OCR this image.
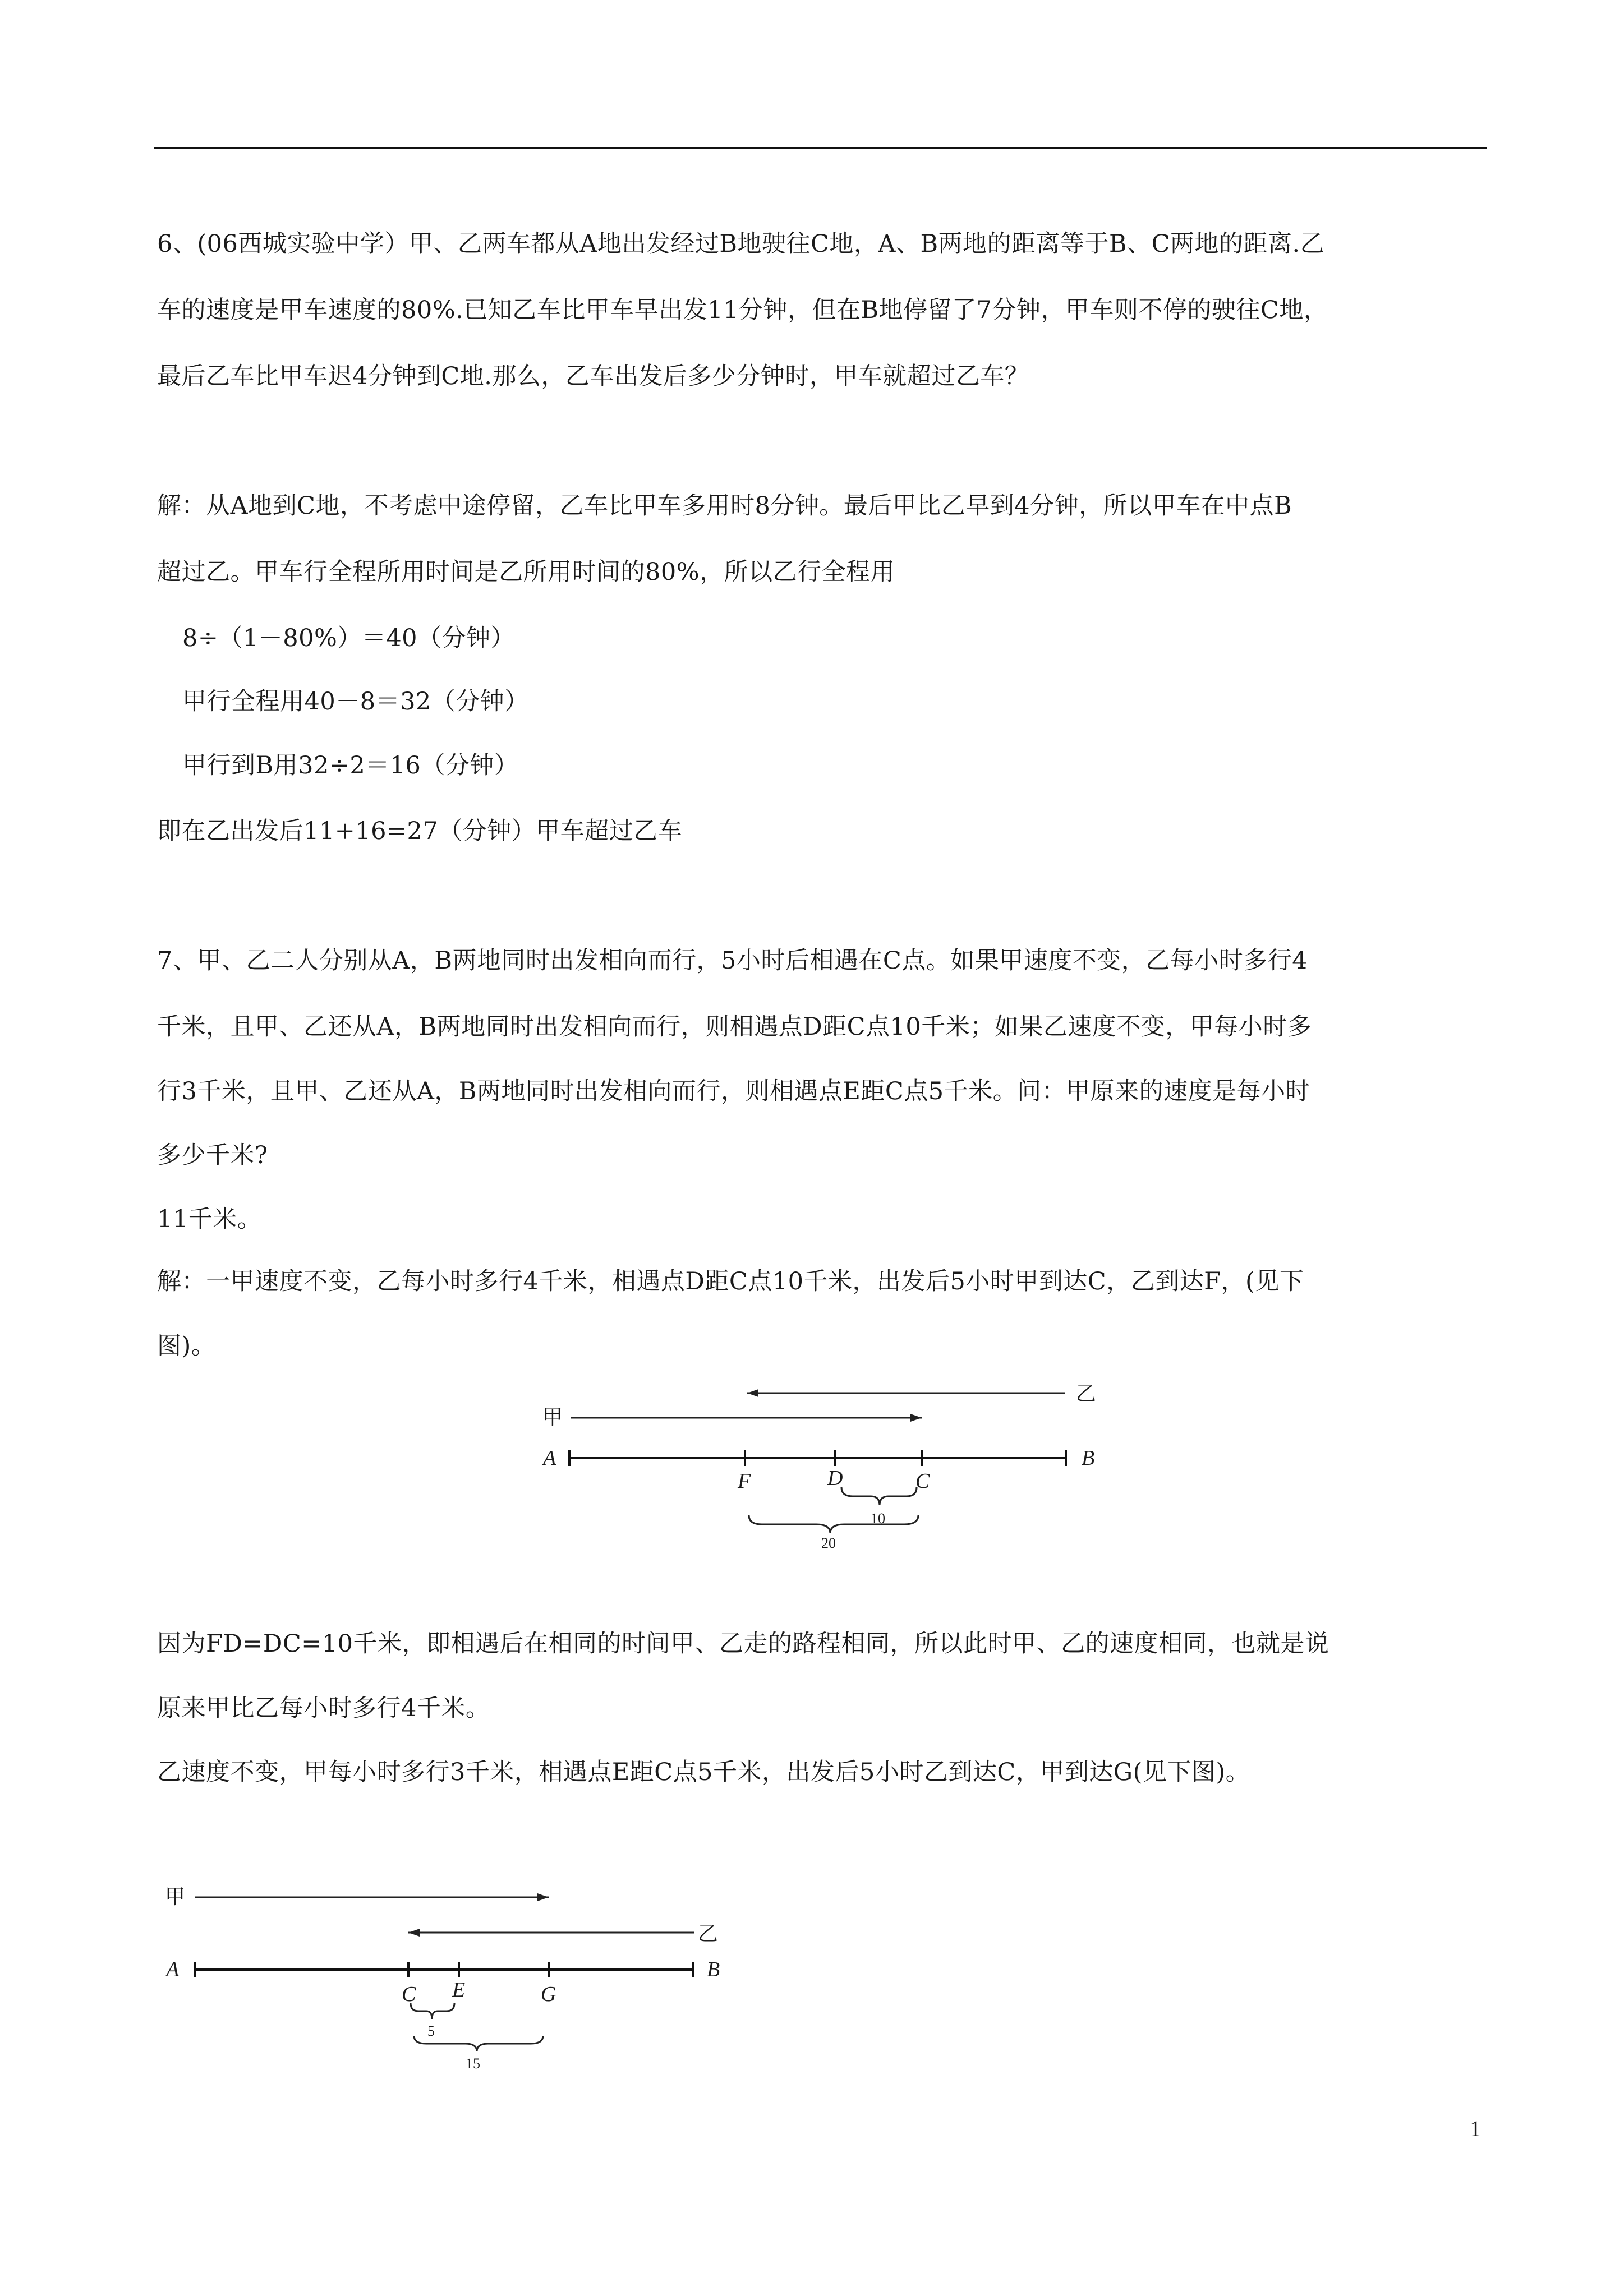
6、(06西城实验中学）甲、乙两车都从A地出发经过B地驶往C地，A、B两地的距离等于B、C两地的距离.乙
车的速度是甲车速度的80%.已知乙车比甲车早出发11分钟，但在B地停留了7分钟，甲车则不停的驶往C地，
最后乙车比甲车迟4分钟到C地.那么，乙车出发后多少分钟时，甲车就超过乙车？
解：从A地到C地，不考虑中途停留，乙车比甲车多用时8分钟。最后甲比乙早到4分钟，所以甲车在中点B
超过乙。甲车行全程所用时间是乙所用时间的80%，所以乙行全程用
8÷（1－80%）＝40（分钟）
甲行全程用40－8＝32（分钟）
甲行到B用32÷2＝16（分钟）
即在乙出发后11+16=27（分钟）甲车超过乙车
7、甲、乙二人分别从A，B两地同时出发相向而行，5小时后相遇在C点。如果甲速度不变，乙每小时多行4
千米，且甲、乙还从A，B两地同时出发相向而行，则相遇点D距C点10千米；如果乙速度不变，甲每小时多
行3千米，且甲、乙还从A，B两地同时出发相向而行，则相遇点E距C点5千米。问：甲原来的速度是每小时
多少千米?
11千米。
解：一甲速度不变，乙每小时多行4千米，相遇点D距C点10千米，出发后5小时甲到达C，乙到达F，(见下
图)。
乙
甲
A
F	D	C
B
10
20
因为FD=DC=10千米，即相遇后在相同的时间甲、乙走的路程相同，所以此时甲、乙的速度相同，也就是说
原来甲比乙每小时多行4千米。
乙速度不变，甲每小时多行3千米，相遇点E距C点5千米，出发后5小时乙到达C，甲到达G(见下图)。
甲
乙
A
C E	G
B
5
15
1
